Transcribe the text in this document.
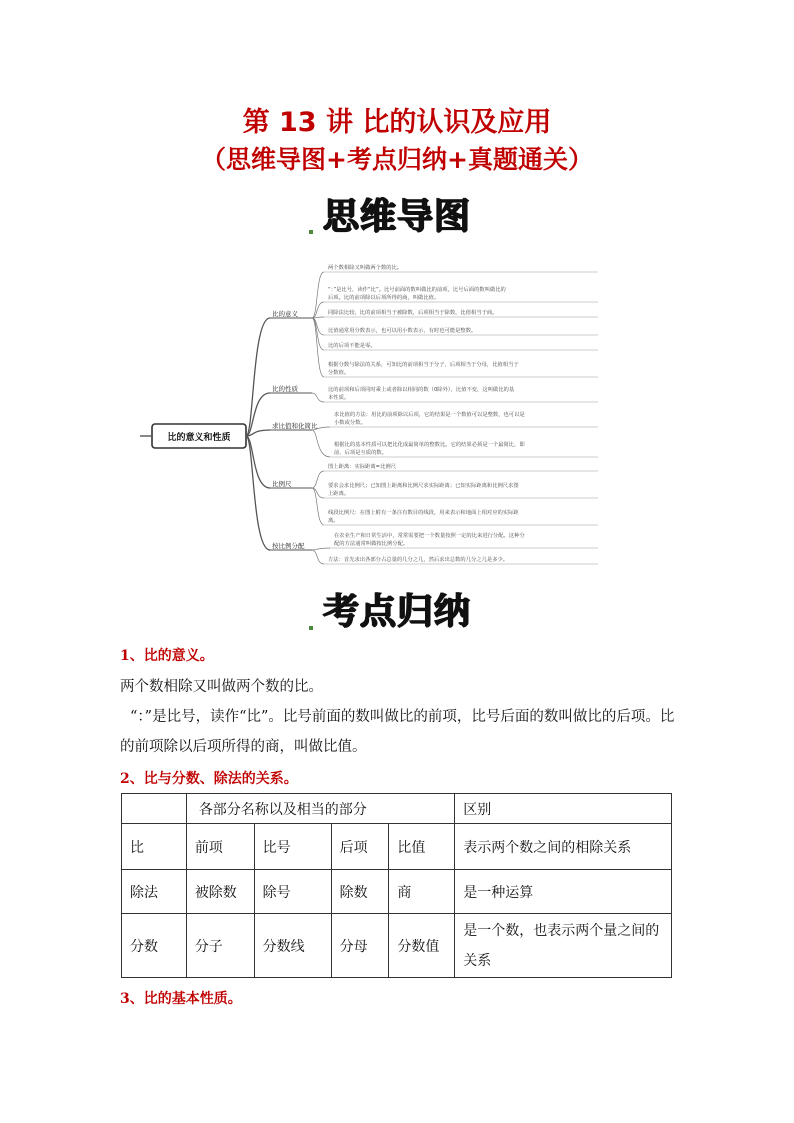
第 13 讲 比的认识及应用
（思维导图+考点归纳+真题通关）
思维导图
比的意义和性质
比的意义
两个数相除又叫做两个数的比。
“：”是比号，读作“比”。比号前面的数叫做比的前项，比号后面的数叫做比的
后项。比的前项除以后项所得的商，叫做比值。
同除法比较，比的前项相当于被除数，后项相当于除数，比值相当于商。
比值通常用分数表示，也可以用小数表示，有时也可能是整数。
比的后项不能是零。
根据分数与除法的关系，可知比的前项相当于分子，后项相当于分母，比值相当于
分数值。
比的性质	比的前项和后项同时乘上或者除以相同的数（0除外），比值不变，这叫做比的基
本性质。
求比值和化简比
求比值的方法：用比的前项除以后项，它的结果是一个数值可以是整数，也可以是
小数或分数。
根据比的基本性质可以把比化成最简单的整数比。它的结果必须是一个最简比，即
前、后项是互质的数。
比例尺
图上距离：实际距离=比例尺
要求会求比例尺；已知图上距离和比例尺求实际距离；已知实际距离和比例尺求图
上距离。
线段比例尺：在图上附有一条注有数目的线段，用来表示和地面上相对应的实际距
离。
按比例分配
在农业生产和日常生活中，常常需要把一个数量按照一定的比来进行分配。这种分
配的方法通常叫做按比例分配。
方法：首先求出各部分占总量的几分之几，然后求出总数的几分之几是多少。
考点归纳
1、比的意义。
两个数相除又叫做两个数的比。
“：”是比号，读作“比”。比号前面的数叫做比的前项，比号后面的数叫做比的后项。比的前项除以后项所得的商，叫做比值。
2、比与分数、除法的关系。
	各部分名称以及相当的部分				区别
比	前项	比号	后项	比值	表示两个数之间的相除关系
除法	被除数	除号	除数	商	是一种运算
分数	分子	分数线	分母	分数值	是一个数，也表示两个量之间的关系
3、比的基本性质。
